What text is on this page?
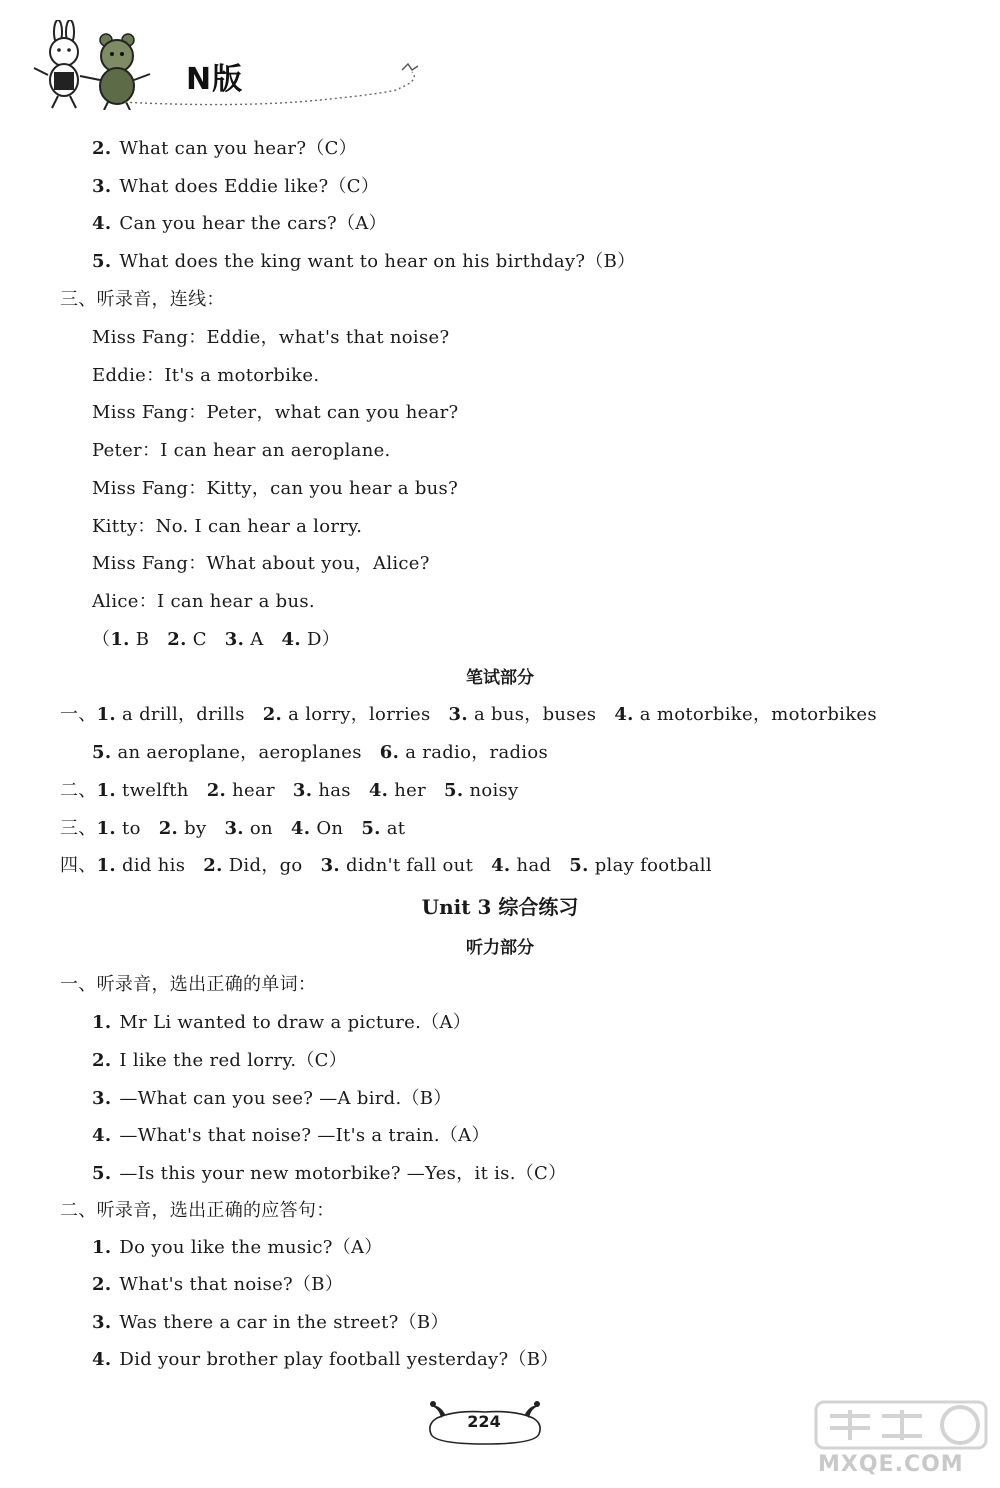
N版
2. What can you hear?（C）
3. What does Eddie like?（C）
4. Can you hear the cars?（A）
5. What does the king want to hear on his birthday?（B）
三、听录音，连线：
Miss Fang：Eddie，what's that noise?
Eddie：It's a motorbike.
Miss Fang：Peter，what can you hear?
Peter：I can hear an aeroplane.
Miss Fang：Kitty，can you hear a bus?
Kitty：No. I can hear a lorry.
Miss Fang：What about you，Alice?
Alice：I can hear a bus.
（1. B 2. C 3. A 4. D）
笔试部分
一、1. a drill，drills 2. a lorry，lorries 3. a bus，buses 4. a motorbike，motorbikes
5. an aeroplane，aeroplanes 6. a radio，radios
二、1. twelfth 2. hear 3. has 4. her 5. noisy
三、1. to 2. by 3. on 4. On 5. at
四、1. did his 2. Did，go 3. didn't fall out 4. had 5. play football
Unit 3 综合练习
听力部分
一、听录音，选出正确的单词：
1. Mr Li wanted to draw a picture.（A）
2. I like the red lorry.（C）
3. —What can you see? —A bird.（B）
4. —What's that noise? —It's a train.（A）
5. —Is this your new motorbike? —Yes，it is.（C）
二、听录音，选出正确的应答句：
1. Do you like the music?（A）
2. What's that noise?（B）
3. Was there a car in the street?（B）
4. Did your brother play football yesterday?（B）
224
MXQE.COM
